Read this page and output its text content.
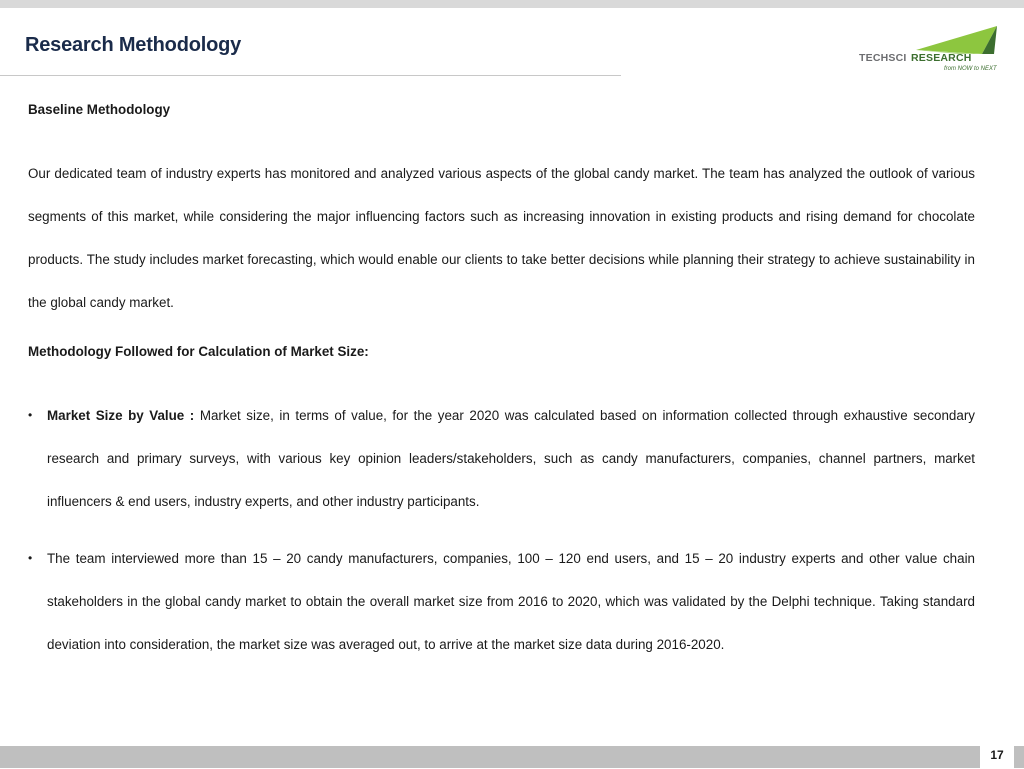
Research Methodology
TECHSCI RESEARCH
from NOW to NEXT

Baseline Methodology

Our dedicated team of industry experts has monitored and analyzed various aspects of the global candy market. The team has analyzed the outlook of various segments of this market, while considering the major influencing factors such as increasing innovation in existing products and rising demand for chocolate products. The study includes market forecasting, which would enable our clients to take better decisions while planning their strategy to achieve sustainability in the global candy market.

Methodology Followed for Calculation of Market Size:

• Market Size by Value : Market size, in terms of value, for the year 2020 was calculated based on information collected through exhaustive secondary research and primary surveys, with various key opinion leaders/stakeholders, such as candy manufacturers, companies, channel partners, market influencers & end users, industry experts, and other industry participants.
• The team interviewed more than 15 – 20 candy manufacturers, companies, 100 – 120 end users, and 15 – 20 industry experts and other value chain stakeholders in the global candy market to obtain the overall market size from 2016 to 2020, which was validated by the Delphi technique. Taking standard deviation into consideration, the market size was averaged out, to arrive at the market size data during 2016-2020.
17
